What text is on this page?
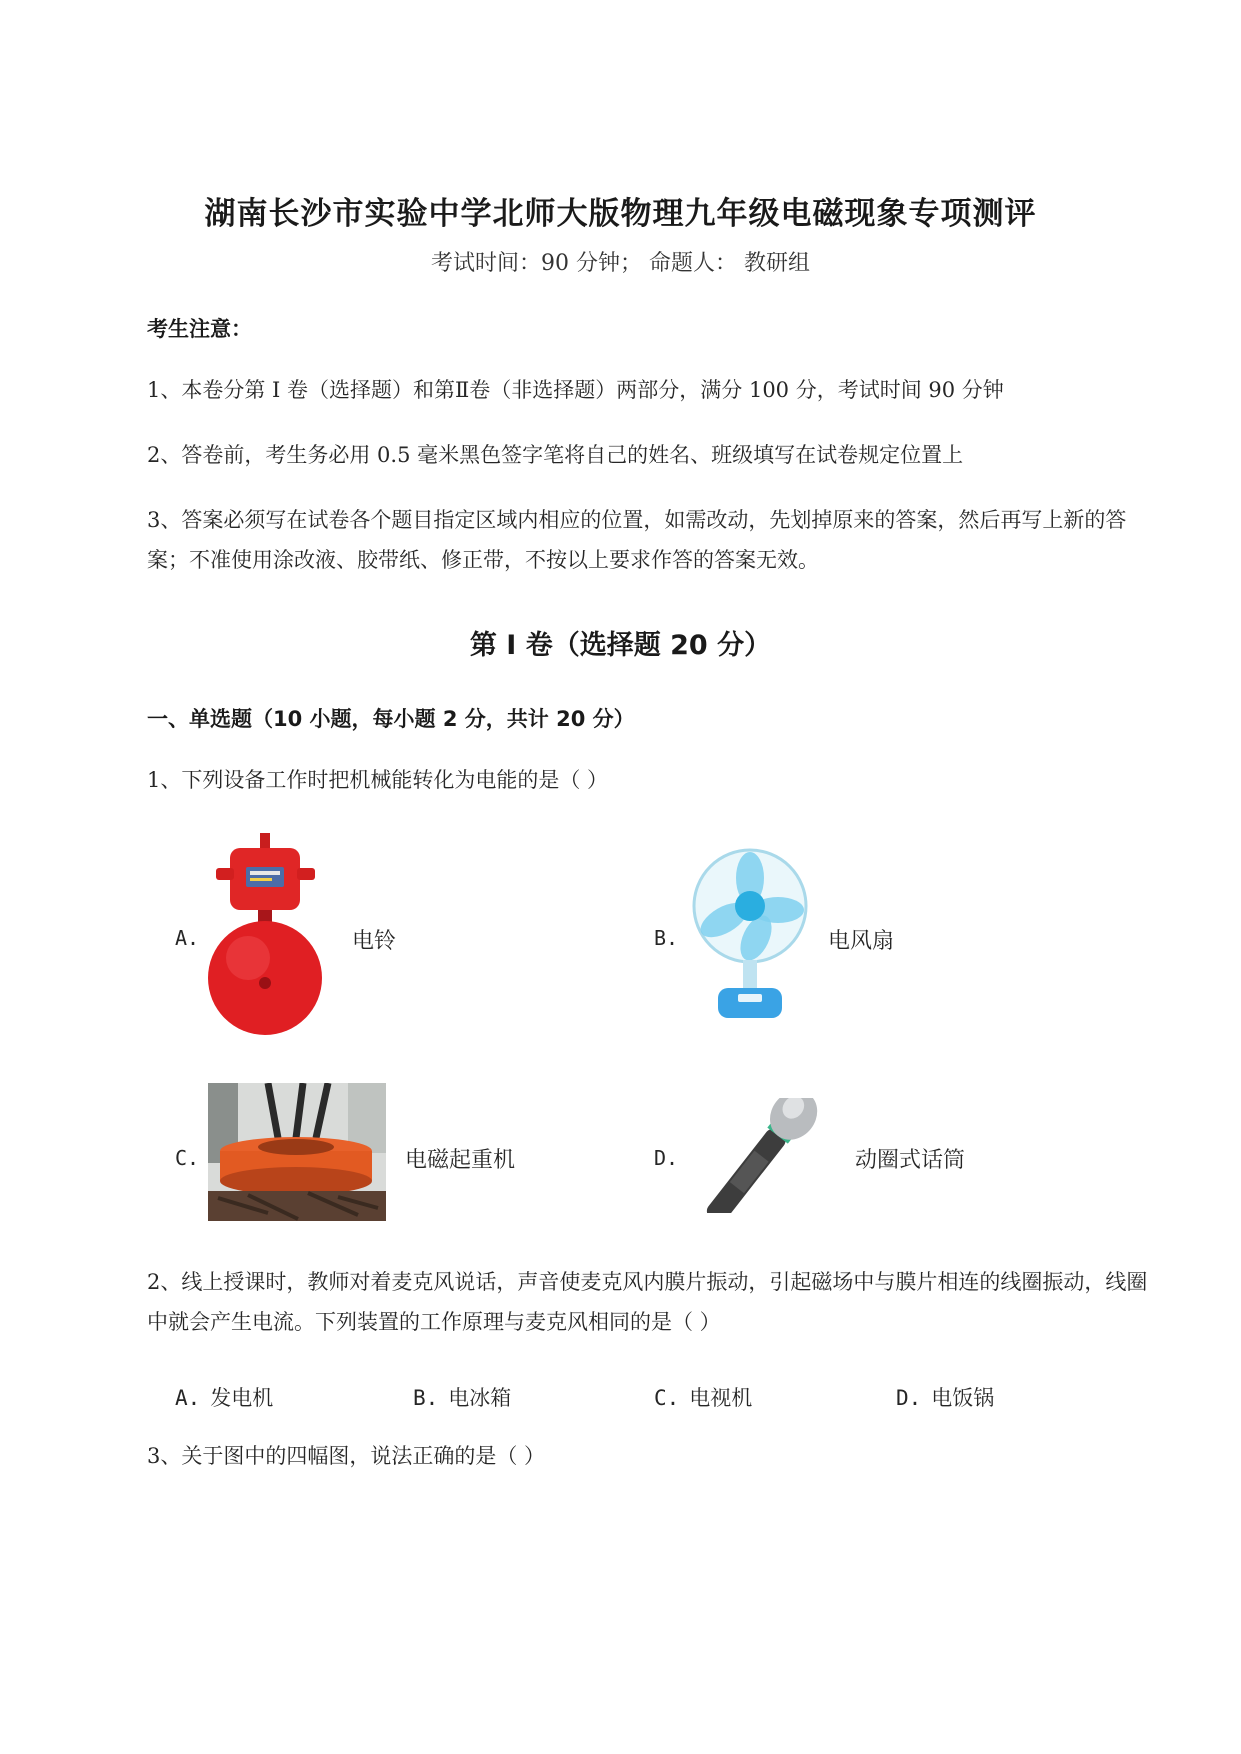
湖南长沙市实验中学北师大版物理九年级电磁现象专项测评
考试时间：90 分钟； 命题人： 教研组
考生注意：
1、本卷分第 I 卷（选择题）和第Ⅱ卷（非选择题）两部分，满分 100 分，考试时间 90 分钟
2、答卷前，考生务必用 0.5 毫米黑色签字笔将自己的姓名、班级填写在试卷规定位置上
3、答案必须写在试卷各个题目指定区域内相应的位置，如需改动，先划掉原来的答案，然后再写上新的答案；不准使用涂改液、胶带纸、修正带，不按以上要求作答的答案无效。
第 I 卷（选择题 20 分）
一、单选题（10 小题，每小题 2 分，共计 20 分）
1、下列设备工作时把机械能转化为电能的是（ ）
A.	电铃	B.	电风扇
C.	电磁起重机	D.	动圈式话筒
2、线上授课时，教师对着麦克风说话，声音使麦克风内膜片振动，引起磁场中与膜片相连的线圈振动，线圈中就会产生电流。下列装置的工作原理与麦克风相同的是（ ）
A. 发电机	B. 电冰箱	C. 电视机	D. 电饭锅
3、关于图中的四幅图，说法正确的是（ ）
